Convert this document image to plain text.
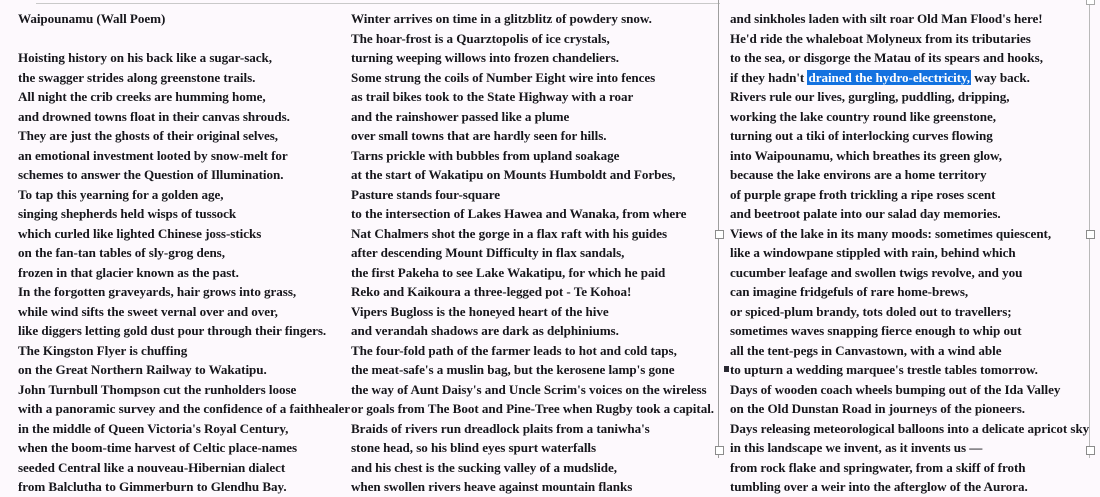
Waipounamu (Wall Poem)

Hoisting history on his back like a sugar-sack,
the swagger strides along greenstone trails.
All night the crib creeks are humming home,
and drowned towns float in their canvas shrouds.
They are just the ghosts of their original selves,
an emotional investment looted by snow-melt for
schemes to answer the Question of Illumination.
To tap this yearning for a golden age,
singing shepherds held wisps of tussock
which curled like lighted Chinese joss-sticks
on the fan-tan tables of sly-grog dens,
frozen in that glacier known as the past.
In the forgotten graveyards, hair grows into grass,
while wind sifts the sweet vernal over and over,
like diggers letting gold dust pour through their fingers.
The Kingston Flyer is chuffing
on the Great Northern Railway to Wakatipu.
John Turnbull Thompson cut the runholders loose
with a panoramic survey and the confidence of a faithhealer
in the middle of Queen Victoria's Royal Century,
when the boom-time harvest of Celtic place-names
seeded Central like a nouveau-Hibernian dialect
from Balclutha to Gimmerburn to Glendhu Bay.
Winter arrives on time in a glitzblitz of powdery snow.
The hoar-frost is a Quarztopolis of ice crystals,
turning weeping willows into frozen chandeliers.
Some strung the coils of Number Eight wire into fences
as trail bikes took to the State Highway with a roar
and the rainshower passed like a plume
over small towns that are hardly seen for hills.
Tarns prickle with bubbles from upland soakage
at the start of Wakatipu on Mounts Humboldt and Forbes,
Pasture stands four-square
to the intersection of Lakes Hawea and Wanaka, from where
Nat Chalmers shot the gorge in a flax raft with his guides
after descending Mount Difficulty in flax sandals,
the first Pakeha to see Lake Wakatipu, for which he paid
Reko and Kaikoura a three-legged pot - Te Kohoa!
Vipers Bugloss is the honeyed heart of the hive
and verandah shadows are dark as delphiniums.
The four-fold path of the farmer leads to hot and cold taps,
the meat-safe's a muslin bag, but the kerosene lamp's gone
the way of Aunt Daisy's and Uncle Scrim's voices on the wireless
or goals from The Boot and Pine-Tree when Rugby took a capital.
Braids of rivers run dreadlock plaits from a taniwha's
stone head, so his blind eyes spurt waterfalls
and his chest is the sucking valley of a mudslide,
when swollen rivers heave against mountain flanks
and sinkholes laden with silt roar Old Man Flood's here!
He'd ride the whaleboat Molyneux from its tributaries
to the sea, or disgorge the Matau of its spears and hooks,
if they hadn't drained the hydro-electricity, way back.
Rivers rule our lives, gurgling, puddling, dripping,
working the lake country round like greenstone,
turning out a tiki of interlocking curves flowing
into Waipounamu, which breathes its green glow,
because the lake environs are a home territory
of purple grape froth trickling a ripe roses scent
and beetroot palate into our salad day memories.
Views of the lake in its many moods: sometimes quiescent,
like a windowpane stippled with rain, behind which
cucumber leafage and swollen twigs revolve, and you
can imagine fridgefuls of rare home-brews,
or spiced-plum brandy, tots doled out to travellers;
sometimes waves snapping fierce enough to whip out
all the tent-pegs in Canvastown, with a wind able
to upturn a wedding marquee's trestle tables tomorrow.
Days of wooden coach wheels bumping out of the Ida Valley
on the Old Dunstan Road in journeys of the pioneers.
Days releasing meteorological balloons into a delicate apricot sky
in this landscape we invent, as it invents us —
from rock flake and springwater, from a skiff of froth
tumbling over a weir into the afterglow of the Aurora.
